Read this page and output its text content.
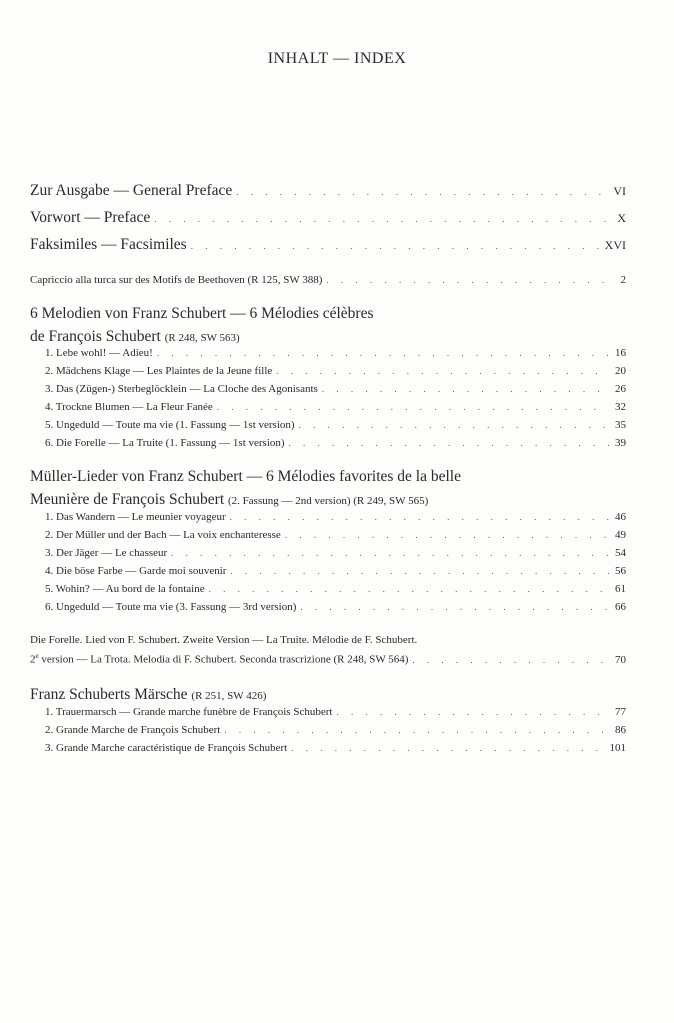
INHALT — INDEX
Zur Ausgabe — General Preface . . .	VI
Vorwort — Preface . . .	X
Faksimiles — Facsimiles . . .	XVI
Capriccio alla turca sur des Motifs de Beethoven (R 125, SW 388) . . .	2
6 Melodien von Franz Schubert — 6 Mélodies célèbres
de François Schubert (R 248, SW 563)
1. Lebe wohl! — Adieu! . . .	16
2. Mädchens Klage — Les Plaintes de la Jeune fille . . .	20
3. Das (Zügen-) Sterbeglöcklein — La Cloche des Agonisants . . .	26
4. Trockne Blumen — La Fleur Fanée . . .	32
5. Ungeduld — Toute ma vie (1. Fassung — 1st version) . . .	35
6. Die Forelle — La Truite (1. Fassung — 1st version) . . .	39
Müller-Lieder von Franz Schubert — 6 Mélodies favorites de la belle
Meunière de François Schubert (2. Fassung — 2nd version) (R 249, SW 565)
1. Das Wandern — Le meunier voyageur . . .	46
2. Der Müller und der Bach — La voix enchanteresse . . .	49
3. Der Jäger — Le chasseur . . .	54
4. Die böse Farbe — Garde moi souvenir . . .	56
5. Wohin? — Au bord de la fontaine . . .	61
6. Ungeduld — Toute ma vie (3. Fassung — 3rd version) . . .	66
Die Forelle. Lied von F. Schubert. Zweite Version — La Truite. Mélodie de F. Schubert.
2e version — La Trota. Melodia di F. Schubert. Seconda trascrizione (R 248, SW 564) . . .	70
Franz Schuberts Märsche (R 251, SW 426)
1. Trauermarsch — Grande marche funèbre de François Schubert . . .	77
2. Grande Marche de François Schubert . . .	86
3. Grande Marche caractéristique de François Schubert . . .	101
